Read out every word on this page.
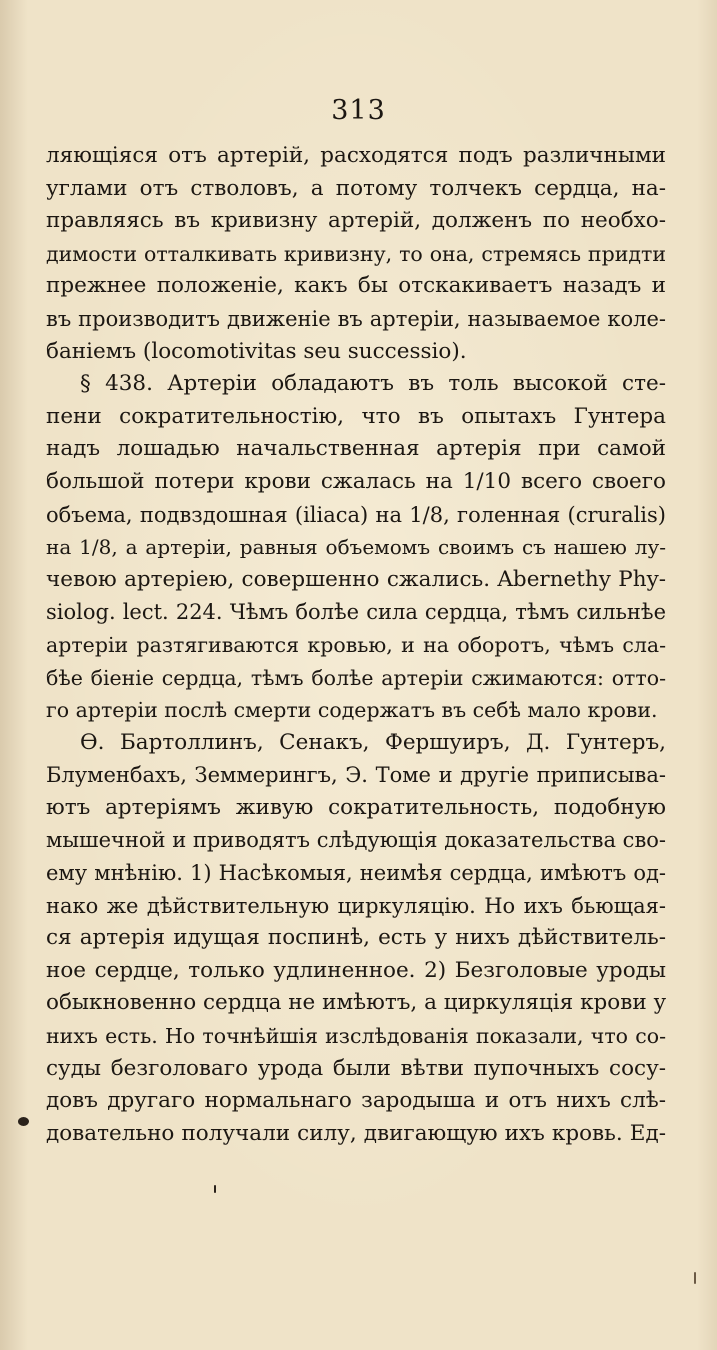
313
ляющіяся отъ артерій, расходятся подъ различными
углами отъ стволовъ, а потому толчекъ сердца, на-
правляясь въ кривизну артерій, долженъ по необхо-
димости отталкивать кривизну, то она, стремясь придти
прежнее положеніе, какъ бы отскакиваетъ назадъ и
въ производитъ движеніе въ артеріи, называемое коле-
баніемъ (locomotivitas seu successio).
§ 438. Артеріи обладаютъ въ толь высокой сте-
пени сократительностію, что въ опытахъ Гунтера
надъ лошадью начальственная артерія при самой
большой потери крови сжалась на 1/10 всего своего
объема, подвздошная (iliaca) на 1/8, голенная (cruralis)
на 1/8, а артеріи, равныя объемомъ своимъ съ нашею лу-
чевою артеріею, совершенно сжались. Abernethy Phy-
siolog. lect. 224. Чѣмъ болѣе сила сердца, тѣмъ сильнѣе
артеріи разтягиваются кровью, и на оборотъ, чѣмъ сла-
бѣе біеніе сердца, тѣмъ болѣе артеріи сжимаются: отто-
го артеріи послѣ смерти содержатъ въ себѣ мало крови.
Ѳ. Бартоллинъ, Сенакъ, Фершуиръ, Д. Гунтеръ,
Блуменбахъ, Земмерингъ, Э. Томе и другіе приписыва-
ютъ артеріямъ живую сократительность, подобную
мышечной и приводятъ слѣдующія доказательства сво-
ему мнѣнію. 1) Насѣкомыя, неимѣя сердца, имѣютъ од-
нако же дѣйствительную циркуляцію. Но ихъ бьющая-
ся артерія идущая поспинѣ, есть у нихъ дѣйствитель-
ное сердце, только удлиненное. 2) Безголовые уроды
обыкновенно сердца не имѣютъ, а циркуляція крови у
нихъ есть. Но точнѣйшія изслѣдованія показали, что со-
суды безголоваго урода были вѣтви пупочныхъ сосу-
довъ другаго нормальнаго зародыша и отъ нихъ слѣ-
довательно получали силу, двигающую ихъ кровь. Ед-
